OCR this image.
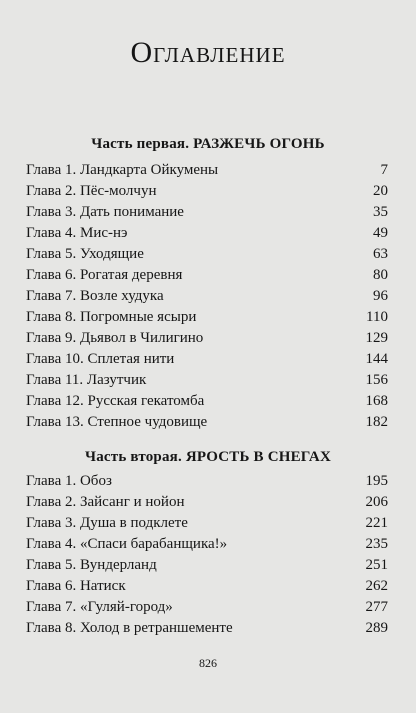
Оглавление
Часть первая. РАЗЖЕЧЬ ОГОНЬ
Глава 1. Ландкарта Ойкумены	7
Глава 2. Пёс-молчун	20
Глава 3. Дать понимание	35
Глава 4. Мис-нэ	49
Глава 5. Уходящие	63
Глава 6. Рогатая деревня	80
Глава 7. Возле худука	96
Глава 8. Погромные ясыри	110
Глава 9. Дьявол в Чилигино	129
Глава 10. Сплетая нити	144
Глава 11. Лазутчик	156
Глава 12. Русская гекатомба	168
Глава 13. Степное чудовище	182
Часть вторая. ЯРОСТЬ В СНЕГАХ
Глава 1. Обоз	195
Глава 2. Зайсанг и нойон	206
Глава 3. Душа в подклете	221
Глава 4. «Спаси барабанщика!»	235
Глава 5. Вундерланд	251
Глава 6. Натиск	262
Глава 7. «Гуляй-город»	277
Глава 8. Холод в ретраншементе	289
826
